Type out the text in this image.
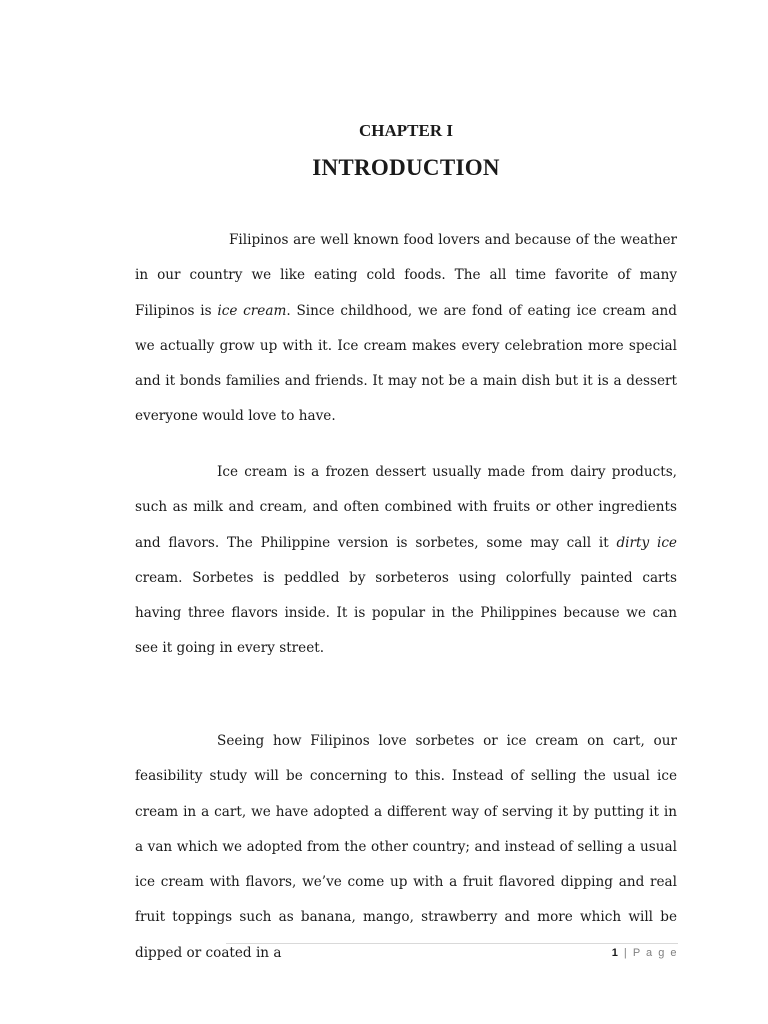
CHAPTER I
INTRODUCTION

Filipinos are well known food lovers and because of the weather in our country we like eating cold foods. The all time favorite of many Filipinos is ice cream. Since childhood, we are fond of eating ice cream and we actually grow up with it. Ice cream makes every celebration more special and it bonds families and friends. It may not be a main dish but it is a dessert everyone would love to have.

Ice cream is a frozen dessert usually made from dairy products, such as milk and cream, and often combined with fruits or other ingredients and flavors. The Philippine version is sorbetes, some may call it dirty ice cream. Sorbetes is peddled by sorbeteros using colorfully painted carts having three flavors inside. It is popular in the Philippines because we can see it going in every street.

Seeing how Filipinos love sorbetes or ice cream on cart, our feasibility study will be concerning to this. Instead of selling the usual ice cream in a cart, we have adopted a different way of serving it by putting it in a van which we adopted from the other country; and instead of selling a usual ice cream with flavors, we’ve come up with a fruit flavored dipping and real fruit toppings such as banana, mango, strawberry and more which will be dipped or coated in a	1 | P a g e
